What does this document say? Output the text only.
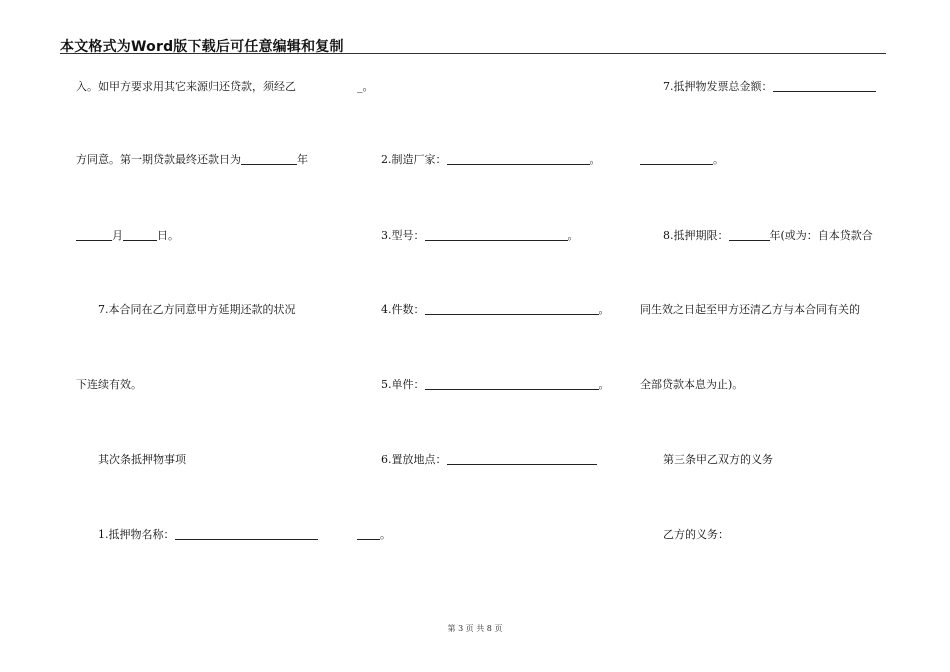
本文格式为Word版下载后可任意编辑和复制
入。如甲方要求用其它来源归还贷款，须经乙	_。
方同意。第一期贷款最终还款日为	年
月	日。
7.本合同在乙方同意甲方延期还款的状况
下连续有效。
其次条抵押物事项
1.抵押物名称：	。
2.制造厂家：	。
3.型号：	。
4.件数：	。
5.单件：	。
6.置放地点：
7.抵押物发票总金额：
。
8.抵押期限：	年(或为：自本贷款合
同生效之日起至甲方还清乙方与本合同有关的
全部贷款本息为止)。
第三条甲乙双方的义务
乙方的义务：
第 3 页 共 8 页
